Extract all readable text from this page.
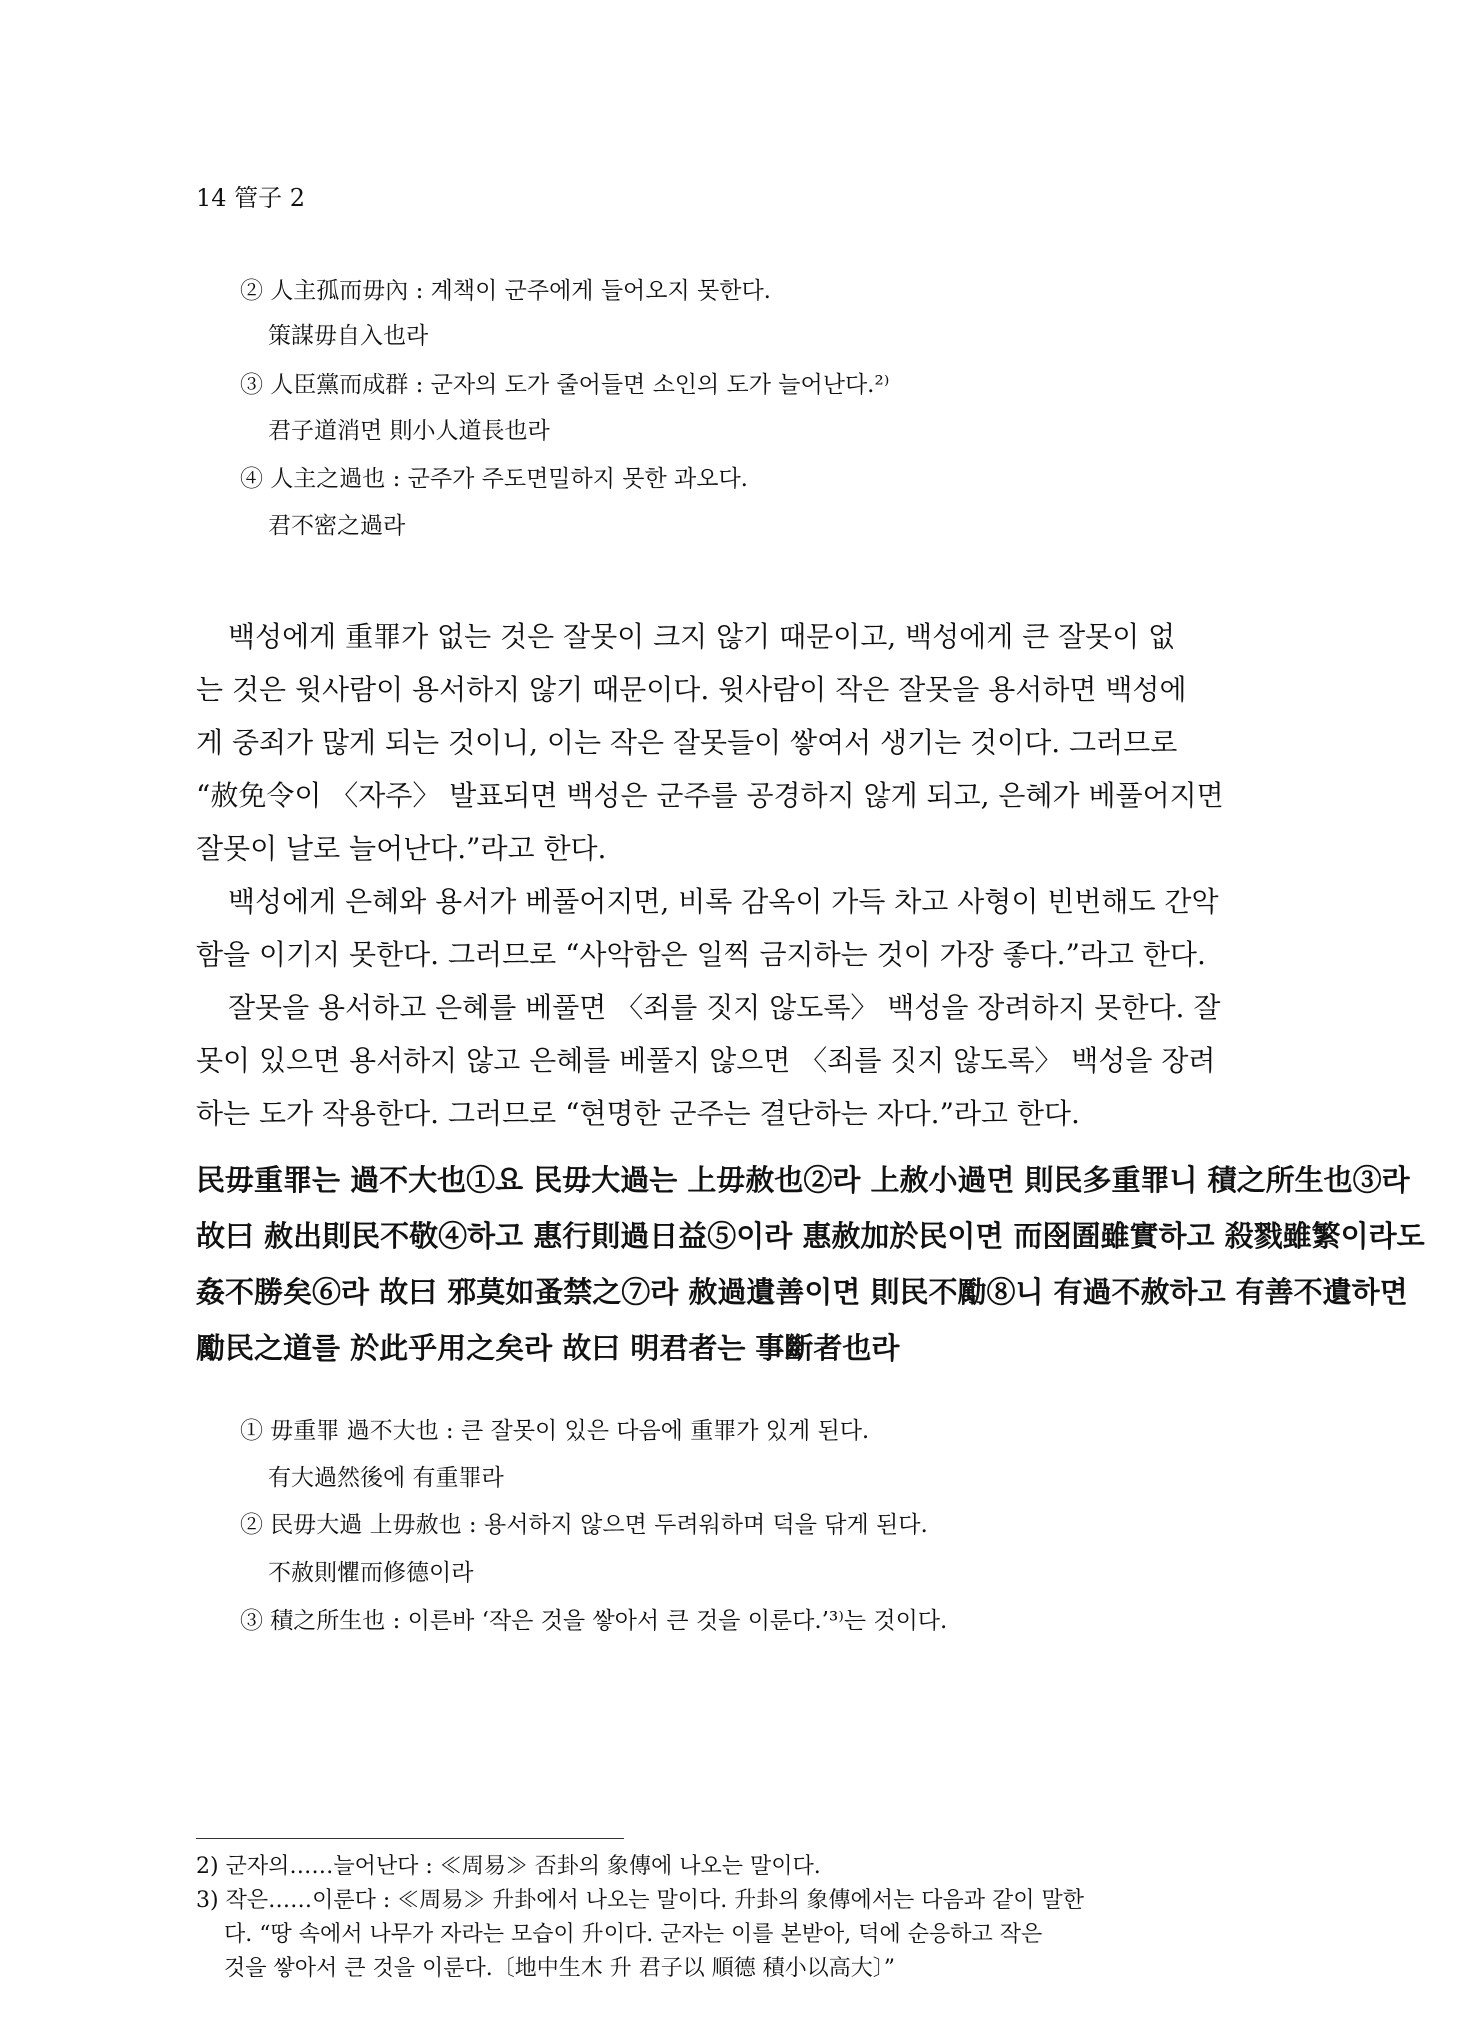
14 管子 2
② 人主孤而毋內 : 계책이 군주에게 들어오지 못한다.
策謀毋自入也라
③ 人臣黨而成群 : 군자의 도가 줄어들면 소인의 도가 늘어난다.²⁾
君子道消면 則小人道長也라
④ 人主之過也 : 군주가 주도면밀하지 못한 과오다.
君不密之過라
백성에게 重罪가 없는 것은 잘못이 크지 않기 때문이고, 백성에게 큰 잘못이 없
는 것은 윗사람이 용서하지 않기 때문이다. 윗사람이 작은 잘못을 용서하면 백성에
게 중죄가 많게 되는 것이니, 이는 작은 잘못들이 쌓여서 생기는 것이다. 그러므로
“赦免令이 〈자주〉 발표되면 백성은 군주를 공경하지 않게 되고, 은혜가 베풀어지면
잘못이 날로 늘어난다.”라고 한다.
백성에게 은혜와 용서가 베풀어지면, 비록 감옥이 가득 차고 사형이 빈번해도 간악
함을 이기지 못한다. 그러므로 “사악함은 일찍 금지하는 것이 가장 좋다.”라고 한다.
잘못을 용서하고 은혜를 베풀면 〈죄를 짓지 않도록〉 백성을 장려하지 못한다. 잘
못이 있으면 용서하지 않고 은혜를 베풀지 않으면 〈죄를 짓지 않도록〉 백성을 장려
하는 도가 작용한다. 그러므로 “현명한 군주는 결단하는 자다.”라고 한다.
民毋重罪는 過不大也①요 民毋大過는 上毋赦也②라 上赦小過면 則民多重罪니 積之所生也③라
故曰 赦出則民不敬④하고 惠行則過日益⑤이라 惠赦加於民이면 而囹圄雖實하고 殺戮雖繁이라도
姦不勝矣⑥라 故曰 邪莫如蚤禁之⑦라 赦過遺善이면 則民不勵⑧니 有過不赦하고 有善不遺하면
勵民之道를 於此乎用之矣라 故曰 明君者는 事斷者也라
① 毋重罪 過不大也 : 큰 잘못이 있은 다음에 重罪가 있게 된다.
有大過然後에 有重罪라
② 民毋大過 上毋赦也 : 용서하지 않으면 두려워하며 덕을 닦게 된다.
不赦則懼而修德이라
③ 積之所生也 : 이른바 ‘작은 것을 쌓아서 큰 것을 이룬다.’³⁾는 것이다.
2) 군자의……늘어난다 : ≪周易≫ 否卦의 象傳에 나오는 말이다.
3) 작은……이룬다 : ≪周易≫ 升卦에서 나오는 말이다. 升卦의 象傳에서는 다음과 같이 말한
다. “땅 속에서 나무가 자라는 모습이 升이다. 군자는 이를 본받아, 덕에 순응하고 작은
것을 쌓아서 큰 것을 이룬다.〔地中生木 升 君子以 順德 積小以高大〕”
